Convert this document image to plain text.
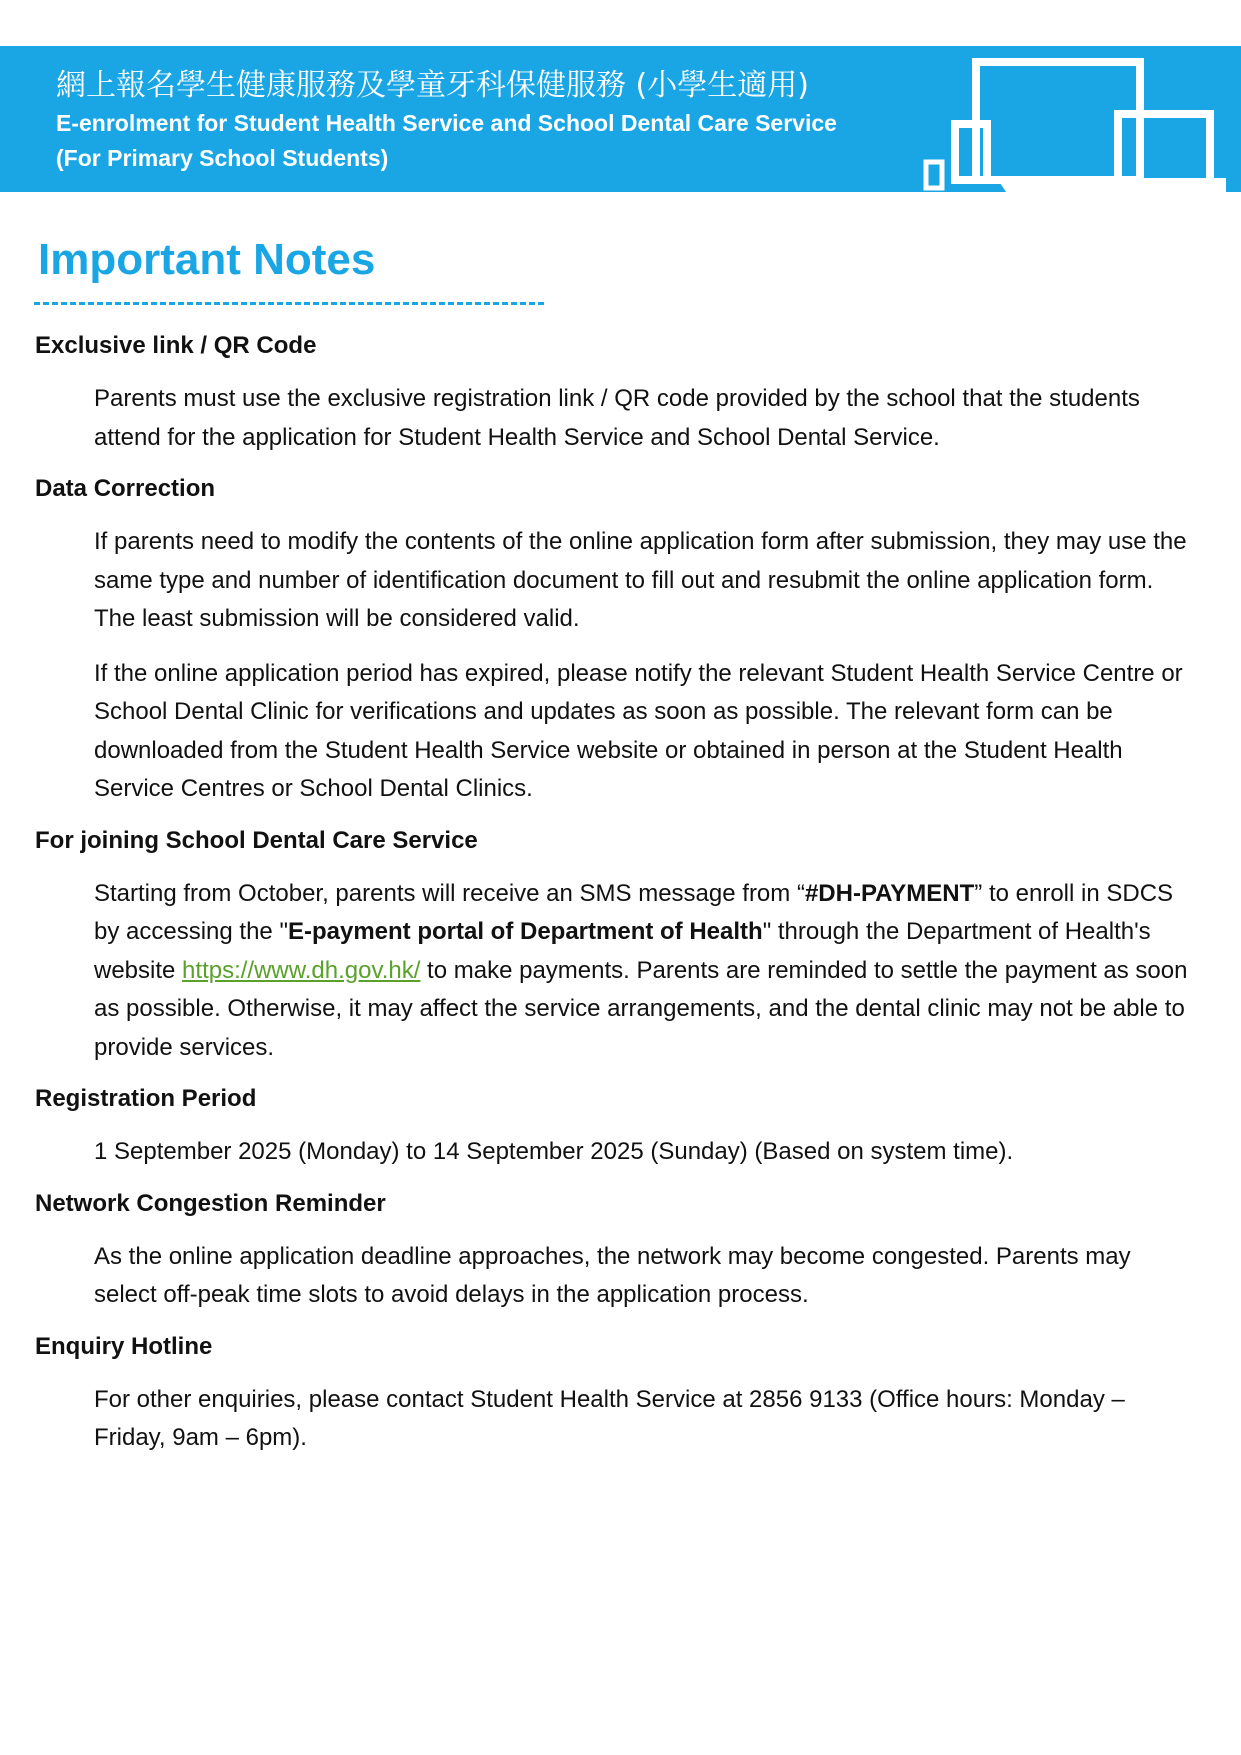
網上報名學生健康服務及學童牙科保健服務 (小學生適用)
E-enrolment for Student Health Service and School Dental Care Service
(For Primary School Students)
Important Notes
Exclusive link / QR Code

Parents must use the exclusive registration link / QR code provided by the school that the students attend for the application for Student Health Service and School Dental Service.

Data Correction

If parents need to modify the contents of the online application form after submission, they may use the same type and number of identification document to fill out and resubmit the online application form. The least submission will be considered valid.

If the online application period has expired, please notify the relevant Student Health Service Centre or School Dental Clinic for verifications and updates as soon as possible. The relevant form can be downloaded from the Student Health Service website or obtained in person at the Student Health Service Centres or School Dental Clinics.

For joining School Dental Care Service

Starting from October, parents will receive an SMS message from “#DH-PAYMENT” to enroll in SDCS by accessing the "E-payment portal of Department of Health" through the Department of Health's website https://www.dh.gov.hk/ to make payments. Parents are reminded to settle the payment as soon as possible. Otherwise, it may affect the service arrangements, and the dental clinic may not be able to provide services.

Registration Period

1 September 2025 (Monday) to 14 September 2025 (Sunday) (Based on system time).

Network Congestion Reminder

As the online application deadline approaches, the network may become congested. Parents may select off-peak time slots to avoid delays in the application process.

Enquiry Hotline

For other enquiries, please contact Student Health Service at 2856 9133 (Office hours: Monday – Friday, 9am – 6pm).
